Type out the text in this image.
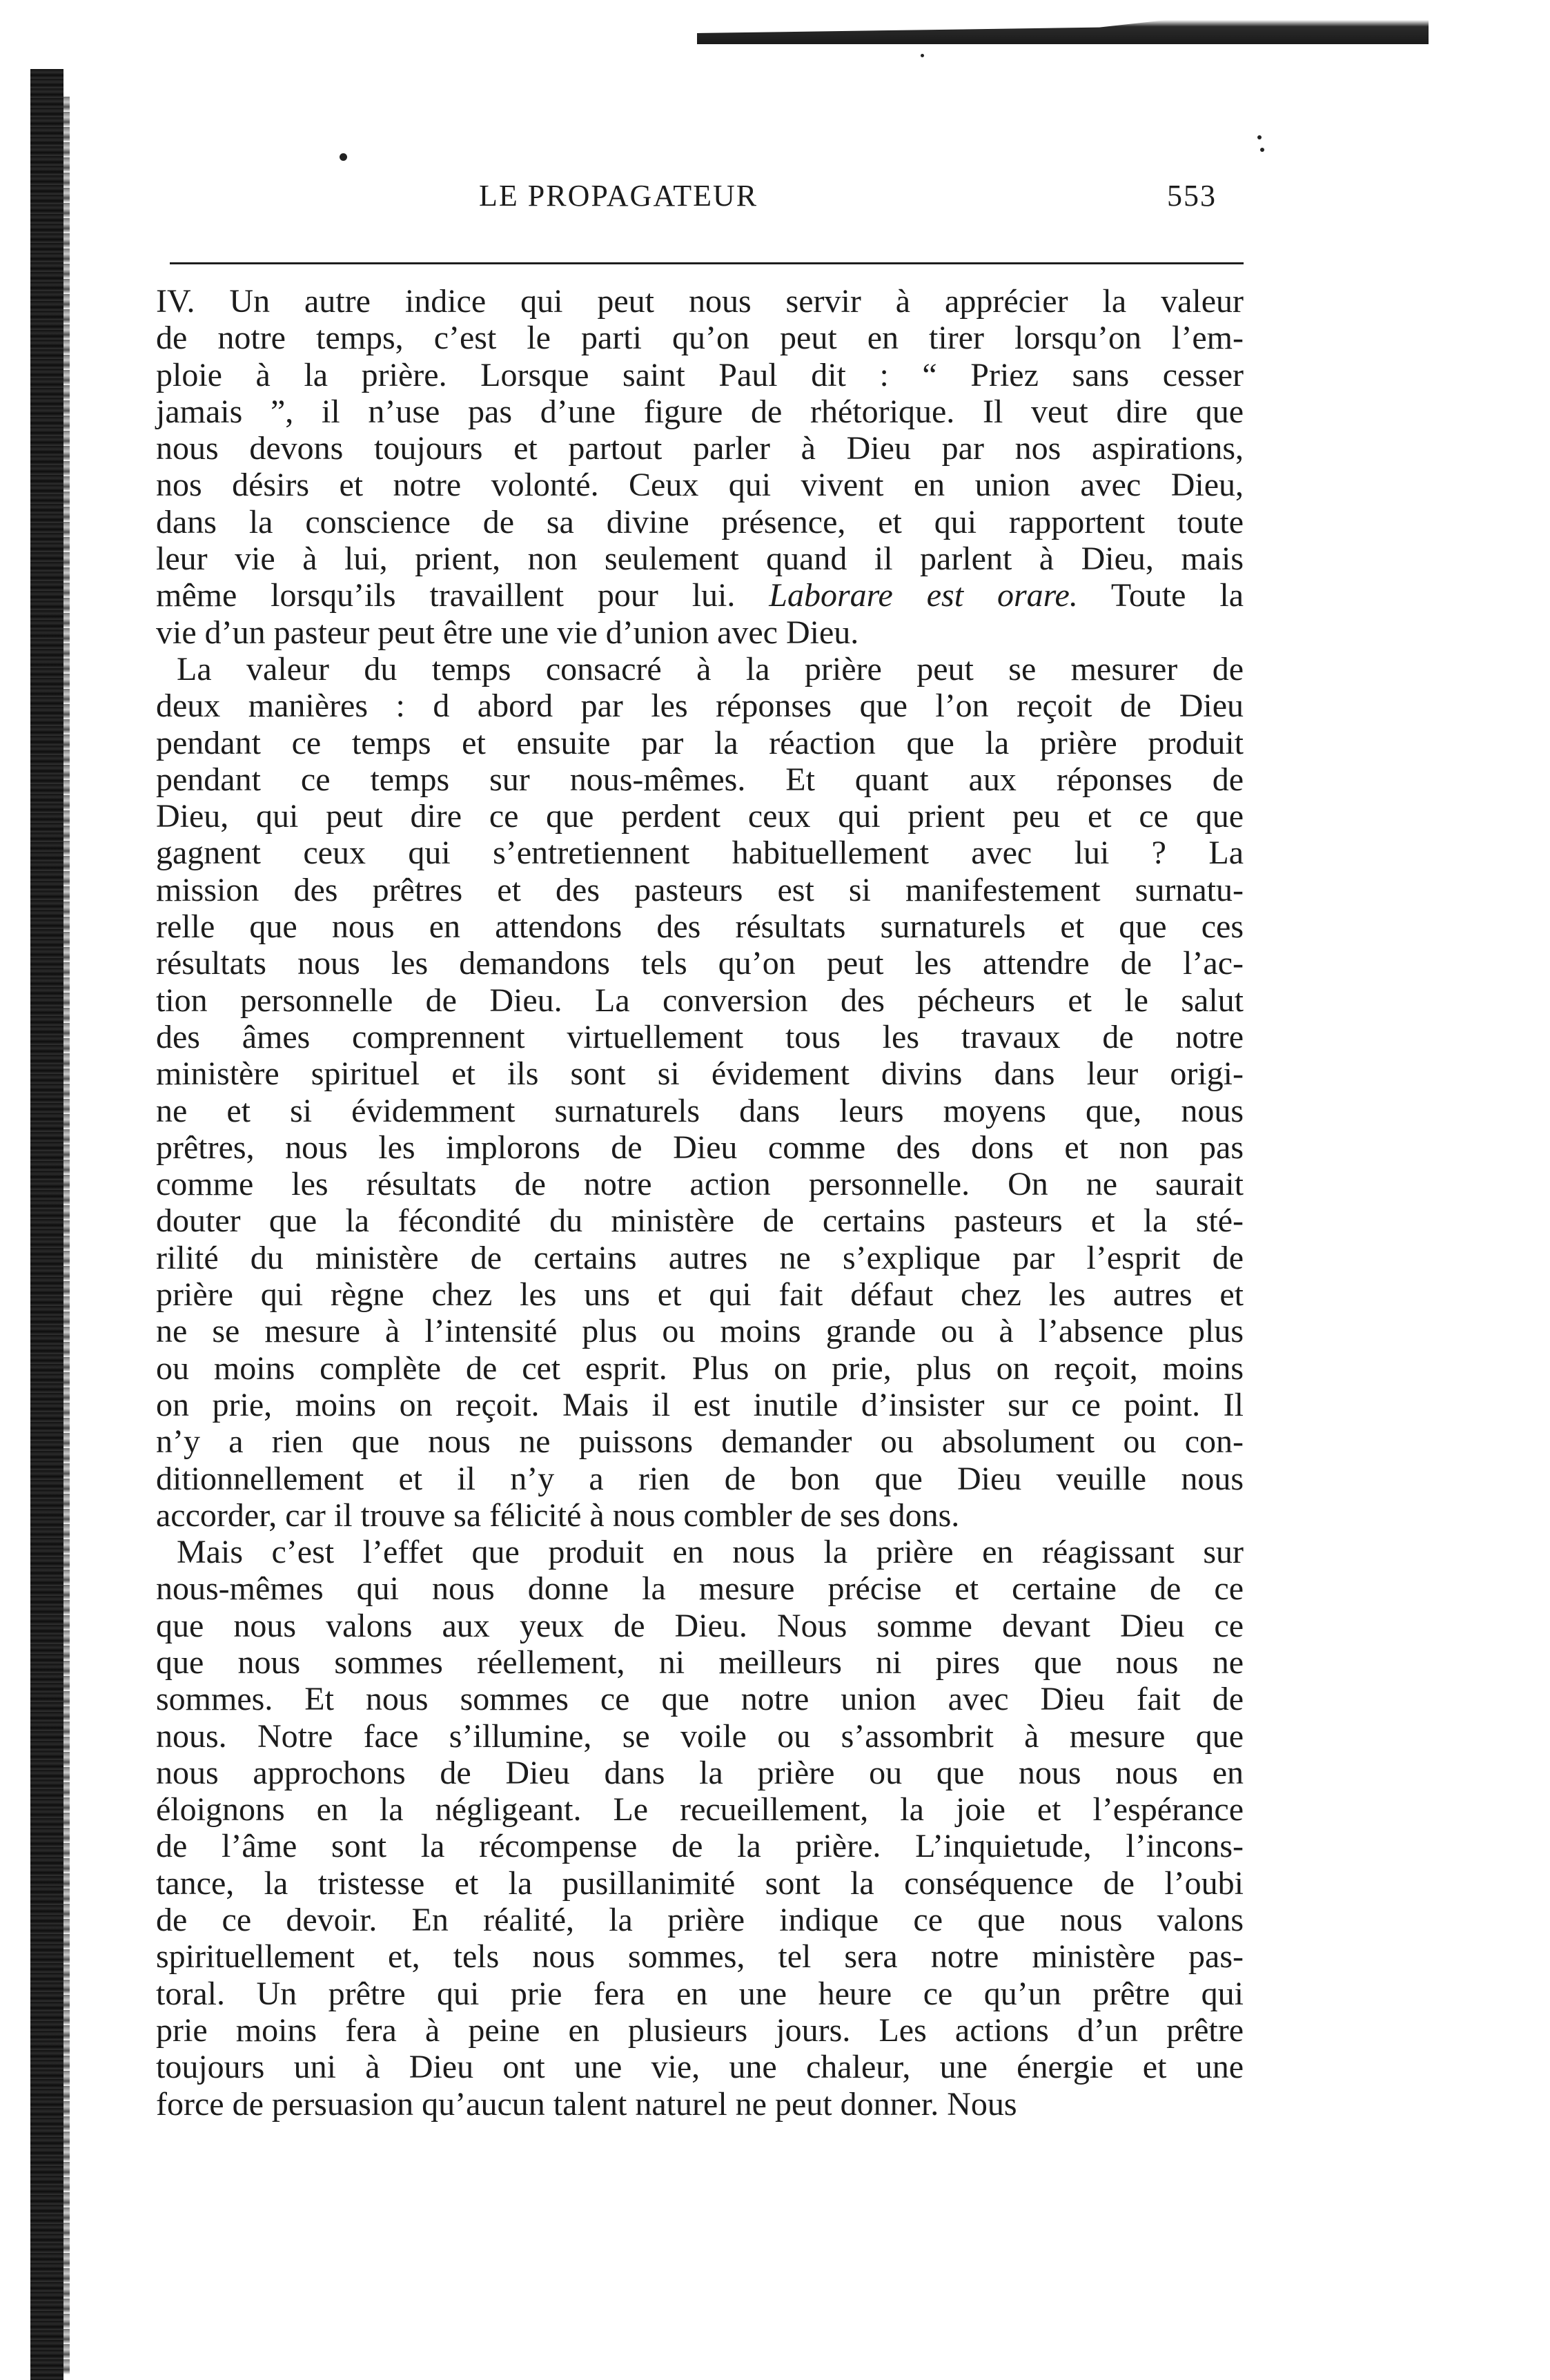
LE PROPAGATEUR	553
IV. Un autre indice qui peut nous servir à apprécier la valeur
de notre temps, c’est le parti qu’on peut en tirer lorsqu’on l’em-
ploie à la prière. Lorsque saint Paul dit : “ Priez sans cesser
jamais ”, il n’use pas d’une figure de rhétorique. Il veut dire que
nous devons toujours et partout parler à Dieu par nos aspirations,
nos désirs et notre volonté. Ceux qui vivent en union avec Dieu,
dans la conscience de sa divine présence, et qui rapportent toute
leur vie à lui, prient, non seulement quand il parlent à Dieu, mais
même lorsqu’ils travaillent pour lui. Laborare est orare. Toute la
vie d’un pasteur peut être une vie d’union avec Dieu.
La valeur du temps consacré à la prière peut se mesurer de
deux manières : d abord par les réponses que l’on reçoit de Dieu
pendant ce temps et ensuite par la réaction que la prière produit
pendant ce temps sur nous-mêmes. Et quant aux réponses de
Dieu, qui peut dire ce que perdent ceux qui prient peu et ce que
gagnent ceux qui s’entretiennent habituellement avec lui ? La
mission des prêtres et des pasteurs est si manifestement surnatu-
relle que nous en attendons des résultats surnaturels et que ces
résultats nous les demandons tels qu’on peut les attendre de l’ac-
tion personnelle de Dieu. La conversion des pécheurs et le salut
des âmes comprennent virtuellement tous les travaux de notre
ministère spirituel et ils sont si évidement divins dans leur origi-
ne et si évidemment surnaturels dans leurs moyens que, nous
prêtres, nous les implorons de Dieu comme des dons et non pas
comme les résultats de notre action personnelle. On ne saurait
douter que la fécondité du ministère de certains pasteurs et la sté-
rilité du ministère de certains autres ne s’explique par l’esprit de
prière qui règne chez les uns et qui fait défaut chez les autres et
ne se mesure à l’intensité plus ou moins grande ou à l’absence plus
ou moins complète de cet esprit. Plus on prie, plus on reçoit, moins
on prie, moins on reçoit. Mais il est inutile d’insister sur ce point. Il
n’y a rien que nous ne puissons demander ou absolument ou con-
ditionnellement et il n’y a rien de bon que Dieu veuille nous
accorder, car il trouve sa félicité à nous combler de ses dons.
Mais c’est l’effet que produit en nous la prière en réagissant sur
nous-mêmes qui nous donne la mesure précise et certaine de ce
que nous valons aux yeux de Dieu. Nous somme devant Dieu ce
que nous sommes réellement, ni meilleurs ni pires que nous ne
sommes. Et nous sommes ce que notre union avec Dieu fait de
nous. Notre face s’illumine, se voile ou s’assombrit à mesure que
nous approchons de Dieu dans la prière ou que nous nous en
éloignons en la négligeant. Le recueillement, la joie et l’espérance
de l’âme sont la récompense de la prière. L’inquietude, l’incons-
tance, la tristesse et la pusillanimité sont la conséquence de l’oubi
de ce devoir. En réalité, la prière indique ce que nous valons
spirituellement et, tels nous sommes, tel sera notre ministère pas-
toral. Un prêtre qui prie fera en une heure ce qu’un prêtre qui
prie moins fera à peine en plusieurs jours. Les actions d’un prêtre
toujours uni à Dieu ont une vie, une chaleur, une énergie et une
force de persuasion qu’aucun talent naturel ne peut donner. Nous
